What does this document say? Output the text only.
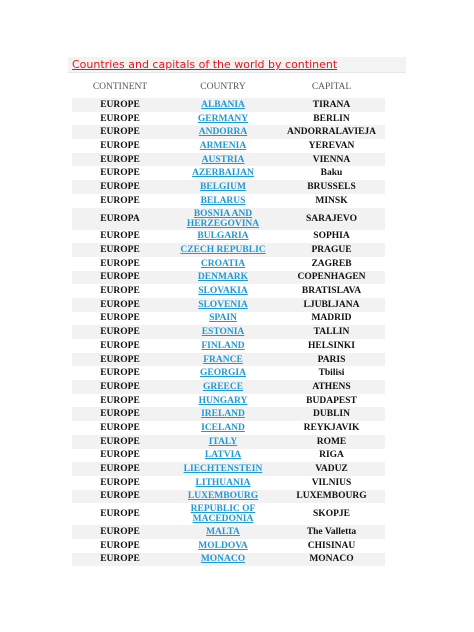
Countries and capitals of the world by continent
CONTINENT	COUNTRY	CAPITAL
EUROPE	ALBANIA	TIRANA
EUROPE	GERMANY	BERLIN
EUROPE	ANDORRA	ANDORRALAVIEJA
EUROPE	ARMENIA	YEREVAN
EUROPE	AUSTRIA	VIENNA
EUROPE	AZERBAIJAN	Baku
EUROPE	BELGIUM	BRUSSELS
EUROPE	BELARUS	MINSK
EUROPA	BOSNIA AND HERZEGOVINA	SARAJEVO
EUROPE	BULGARIA	SOPHIA
EUROPE	CZECH REPUBLIC	PRAGUE
EUROPE	CROATIA	ZAGREB
EUROPE	DENMARK	COPENHAGEN
EUROPE	SLOVAKIA	BRATISLAVA
EUROPE	SLOVENIA	LJUBLJANA
EUROPE	SPAIN	MADRID
EUROPE	ESTONIA	TALLIN
EUROPE	FINLAND	HELSINKI
EUROPE	FRANCE	PARIS
EUROPE	GEORGIA	Tbilisi
EUROPE	GREECE	ATHENS
EUROPE	HUNGARY	BUDAPEST
EUROPE	IRELAND	DUBLIN
EUROPE	ICELAND	REYKJAVIK
EUROPE	ITALY	ROME
EUROPE	LATVIA	RIGA
EUROPE	LIECHTENSTEIN	VADUZ
EUROPE	LITHUANIA	VILNIUS
EUROPE	LUXEMBOURG	LUXEMBOURG
EUROPE	REPUBLIC OF MACEDONIA	SKOPJE
EUROPE	MALTA	The Valletta
EUROPE	MOLDOVA	CHISINAU
EUROPE	MONACO	MONACO
